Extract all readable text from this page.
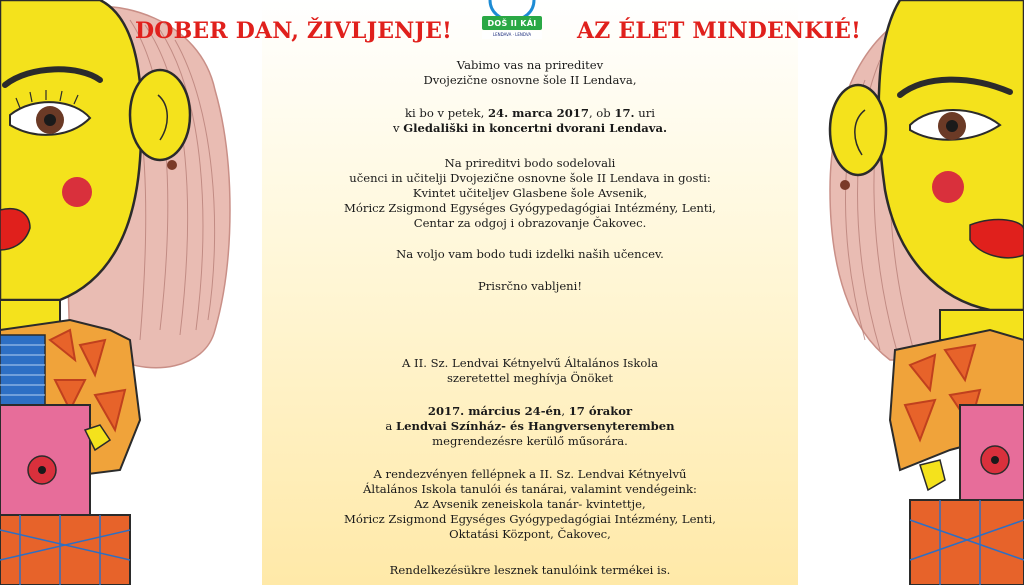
DOBER DAN, ŽIVLJENJE!	AZ ÉLET MINDENKIÉ!
DOŠ II KÁI
LENDAVA · LENDVA
Vabimo vas na prireditev
Dvojezične osnovne šole II Lendava,
ki bo v petek, 24. marca 2017, ob 17. uri
v Gledališki in koncertni dvorani Lendava.
Na prireditvi bodo sodelovali
učenci in učitelji Dvojezične osnovne šole II Lendava in gosti:
Kvintet učiteljev Glasbene šole Avsenik,
Móricz Zsigmond Egységes Gyógypedagógiai Intézmény, Lenti,
Centar za odgoj i obrazovanje Čakovec.
Na voljo vam bodo tudi izdelki naših učencev.
Prisrčno vabljeni!
A II. Sz. Lendvai Kétnyelvű Általános Iskola
szeretettel meghívja Önöket
2017. március 24-én, 17 órakor
a Lendvai Színház- és Hangversenyteremben
megrendezésre kerülő műsorára.
A rendezvényen fellépnek a II. Sz. Lendvai Kétnyelvű
Általános Iskola tanulói és tanárai, valamint vendégeink:
Az Avsenik zeneiskola tanár- kvintettje,
Móricz Zsigmond Egységes Gyógypedagógiai Intézmény, Lenti,
Oktatási Központ, Čakovec,
Rendelkezésükre lesznek tanulóink termékei is.
